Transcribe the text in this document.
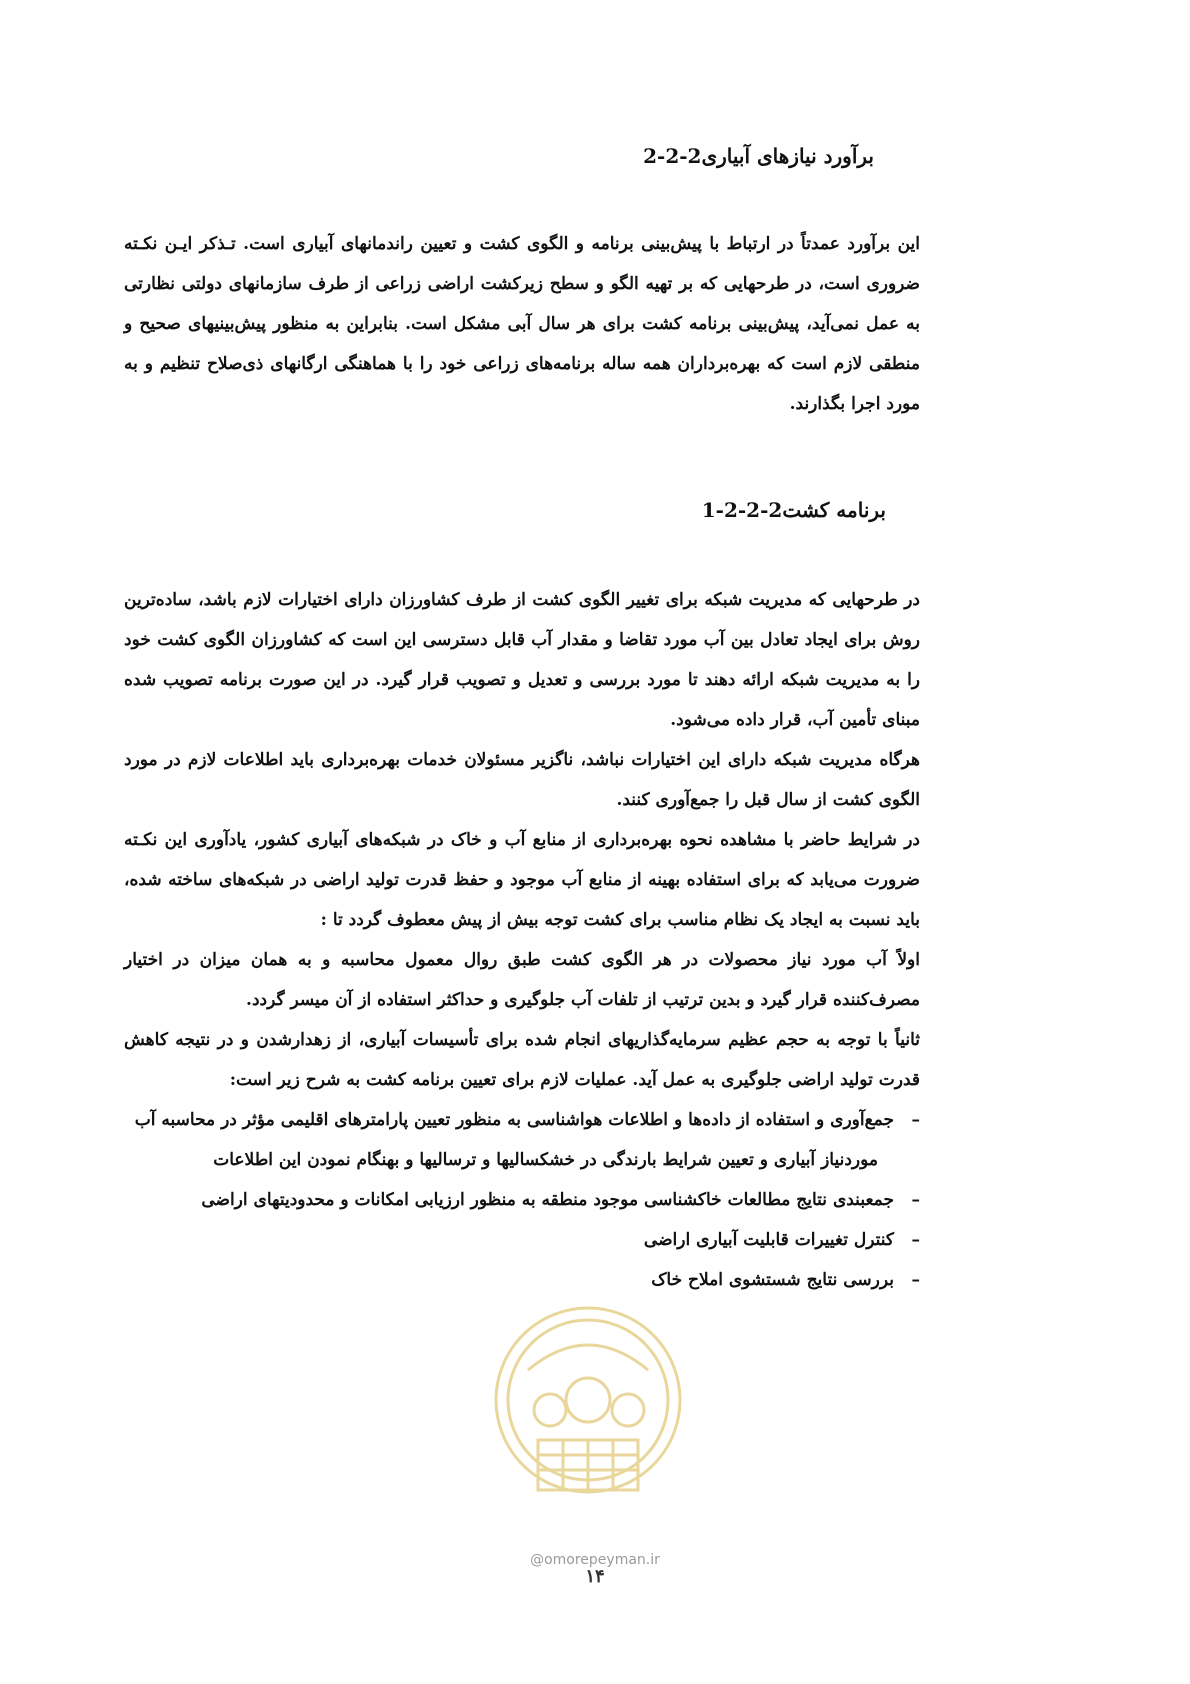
2-2-2برآورد نیازهای آبیاری
این برآورد عمدتاً در ارتباط با پیش‌بینی برنامه و الگوی کشت و تعیین راندمانهای آبیاری است. تـذکر ایـن نکـته ضروری است، در طرحهایی که بر تهیه الگو و سطح زیرکشت اراضی زراعی از طرف سازمانهای دولتی نظارتی به عمل نمی‌آید، پیش‌بینی برنامه کشت برای هر سال آبی مشکل است. بنابراین به منظور پیش‌بینیهای صحیح و منطقی لازم است که بهره‌برداران همه ساله برنامه‌های زراعی خود را با هماهنگی ارگانهای ذی‌صلاح تنظیم و به مورد اجرا بگذارند.
1-2-2-2برنامه کشت
در طرحهایی که مدیریت شبکه برای تغییر الگوی کشت از طرف کشاورزان دارای اختیارات لازم باشد، ساده‌ترین روش برای ایجاد تعادل بین آب مورد تقاضا و مقدار آب قابل دسترسی این است که کشاورزان الگوی کشت خود را به مدیریت شبکه ارائه دهند تا مورد بررسی و تعدیل و تصویب قرار گیرد. در این صورت برنامه تصویب شده مبنای تأمین آب، قرار داده می‌شود.
هرگاه مدیریت شبکه دارای این اختیارات نباشد، ناگزیر مسئولان خدمات بهره‌برداری باید اطلاعات لازم در مورد الگوی کشت از سال قبل را جمع‌آوری کنند.
در شرایط حاضر با مشاهده نحوه بهره‌برداری از منابع آب و خاک در شبکه‌های آبیاری کشور، یادآوری این نکـته ضرورت می‌یابد که برای استفاده بهینه از منابع آب موجود و حفظ قدرت تولید اراضی در شبکه‌های ساخته شده، باید نسبت به ایجاد یک نظام مناسب برای کشت توجه بیش از پیش معطوف گردد تا :
اولاً آب مورد نیاز محصولات در هر الگوی کشت طبق روال معمول محاسبه و به همان میزان در اختیار مصرف‌کننده قرار گیرد و بدین ترتیب از تلفات آب جلوگیری و حداکثر استفاده از آن میسر گردد.
ثانیاً با توجه به حجم عظیم سرمایه‌گذاریهای انجام شده برای تأسیسات آبیاری، از زهدارشدن و در نتیجه کاهش قدرت تولید اراضی جلوگیری به عمل آید. عملیات لازم برای تعیین برنامه کشت به شرح زیر است:
–جمع‌آوری و استفاده از داده‌ها و اطلاعات هواشناسی به منظور تعیین پارامترهای اقلیمی مؤثر در محاسبه آب
موردنیاز آبیاری و تعیین شرایط بارندگی در خشکسالیها و ترسالیها و بهنگام نمودن این اطلاعات
–جمعبندی نتایج مطالعات خاکشناسی موجود منطقه به منظور ارزیابی امکانات و محدودیتهای اراضی
–کنترل تغییرات قابلیت آبیاری اراضی
–بررسی نتایج شستشوی املاح خاک
@omorepeyman.ir
۱۴
